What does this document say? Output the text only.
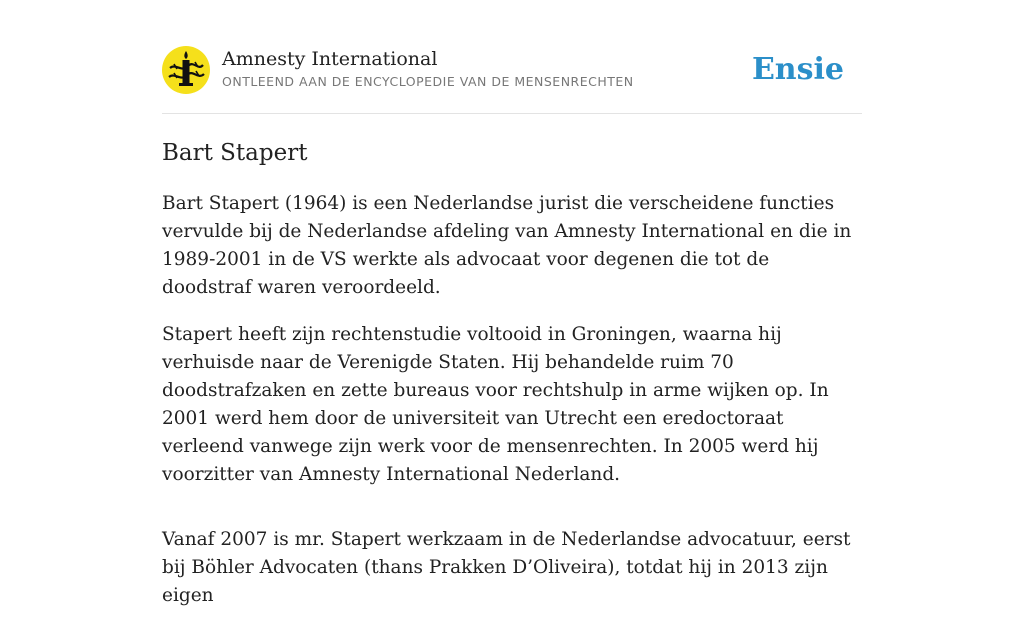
Amnesty International
ONTLEEND AAN DE ENCYCLOPEDIE VAN DE MENSENRECHTEN	Ensie
Bart Stapert

Bart Stapert (1964) is een Nederlandse jurist die verscheidene functies vervulde bij de Nederlandse afdeling van Amnesty International en die in 1989-2001 in de VS werkte als advocaat voor degenen die tot de doodstraf waren veroordeeld.

Stapert heeft zijn rechtenstudie voltooid in Groningen, waarna hij verhuisde naar de Verenigde Staten. Hij behandelde ruim 70 doodstrafzaken en zette bureaus voor rechtshulp in arme wijken op. In 2001 werd hem door de universiteit van Utrecht een eredoctoraat verleend vanwege zijn werk voor de mensenrechten. In 2005 werd hij voorzitter van Amnesty International Nederland.

Vanaf 2007 is mr. Stapert werkzaam in de Nederlandse advocatuur, eerst bij Böhler Advocaten (thans Prakken D’Oliveira), totdat hij in 2013 zijn eigen
